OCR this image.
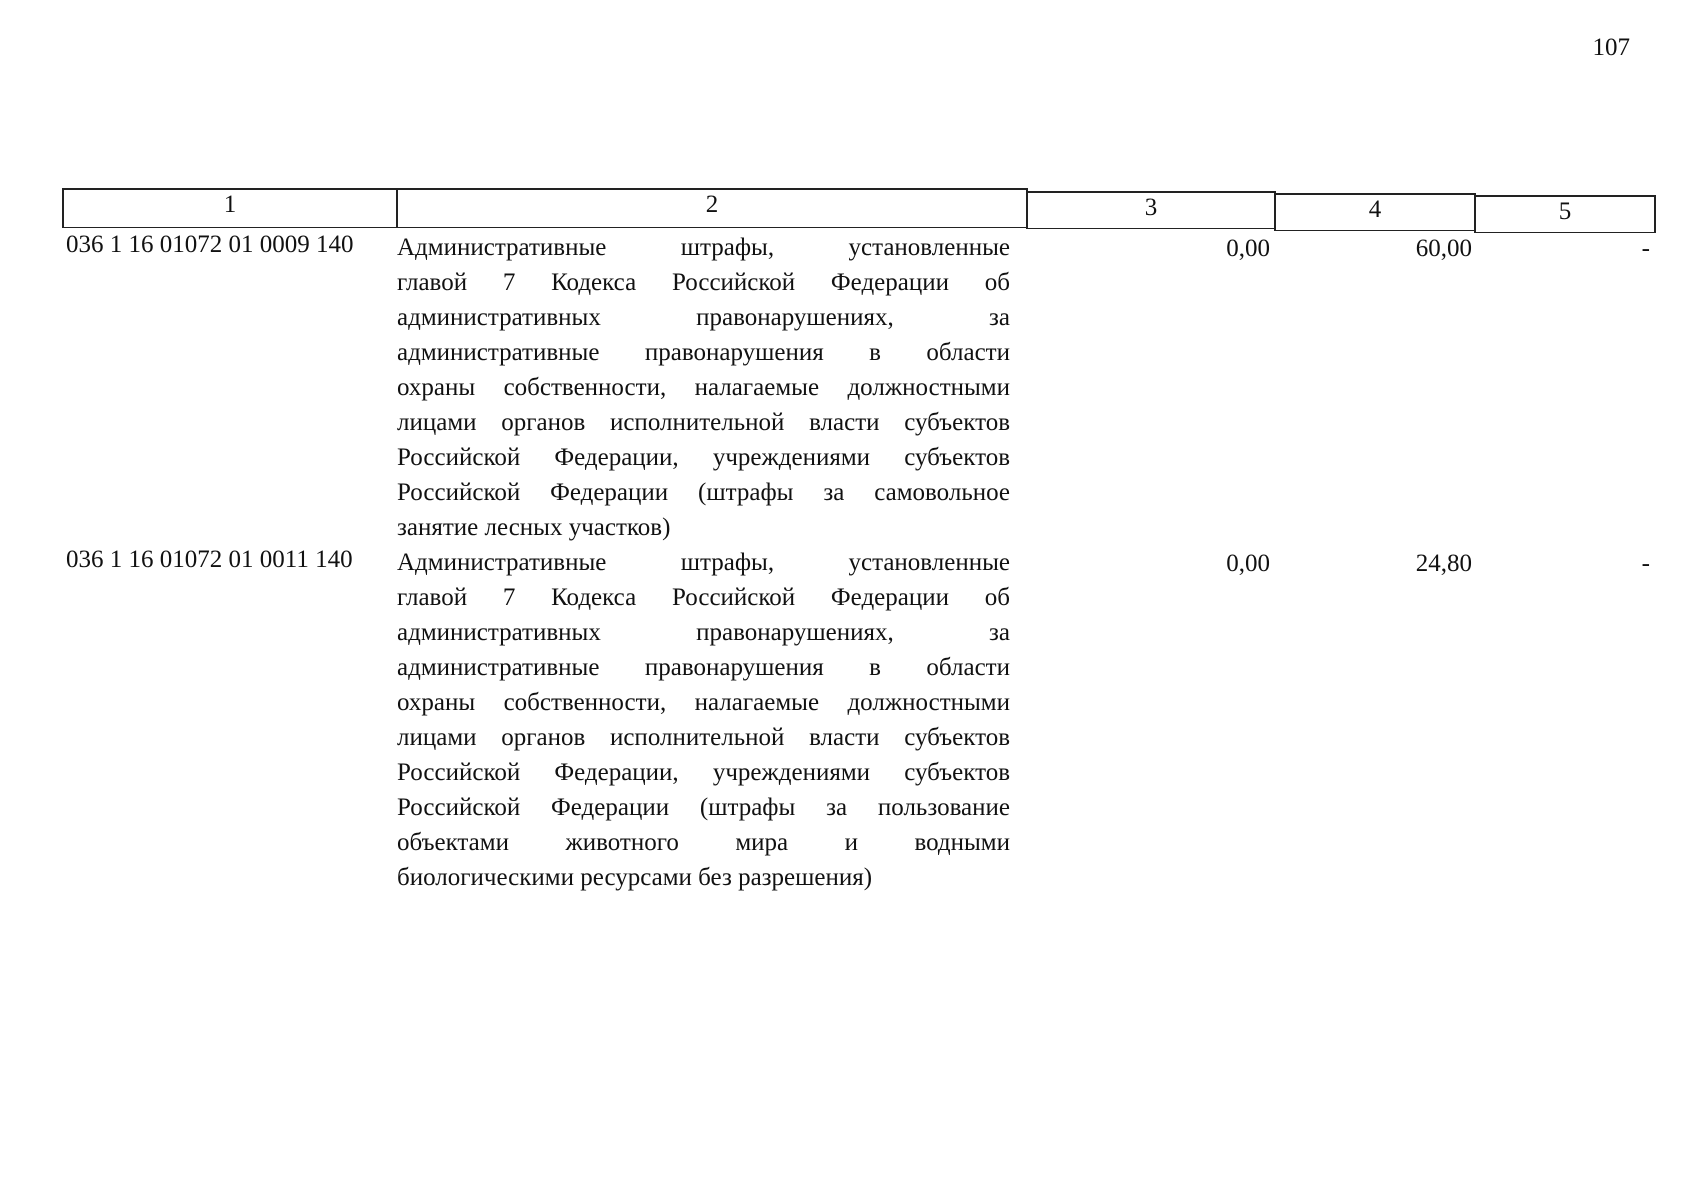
107
1	2	3	4	5
036 1 16 01072 01 0009 140	Административные штрафы, установленные
главой 7 Кодекса Российской Федерации об
административных правонарушениях, за
административные правонарушения в области
охраны собственности, налагаемые должностными
лицами органов исполнительной власти субъектов
Российской Федерации, учреждениями субъектов
Российской Федерации (штрафы за самовольное
занятие лесных участков)
0,00	60,00	-
036 1 16 01072 01 0011 140	Административные штрафы, установленные
главой 7 Кодекса Российской Федерации об
административных правонарушениях, за
административные правонарушения в области
охраны собственности, налагаемые должностными
лицами органов исполнительной власти субъектов
Российской Федерации, учреждениями субъектов
Российской Федерации (штрафы за пользование
объектами животного мира и водными
биологическими ресурсами без разрешения)
0,00	24,80	-
